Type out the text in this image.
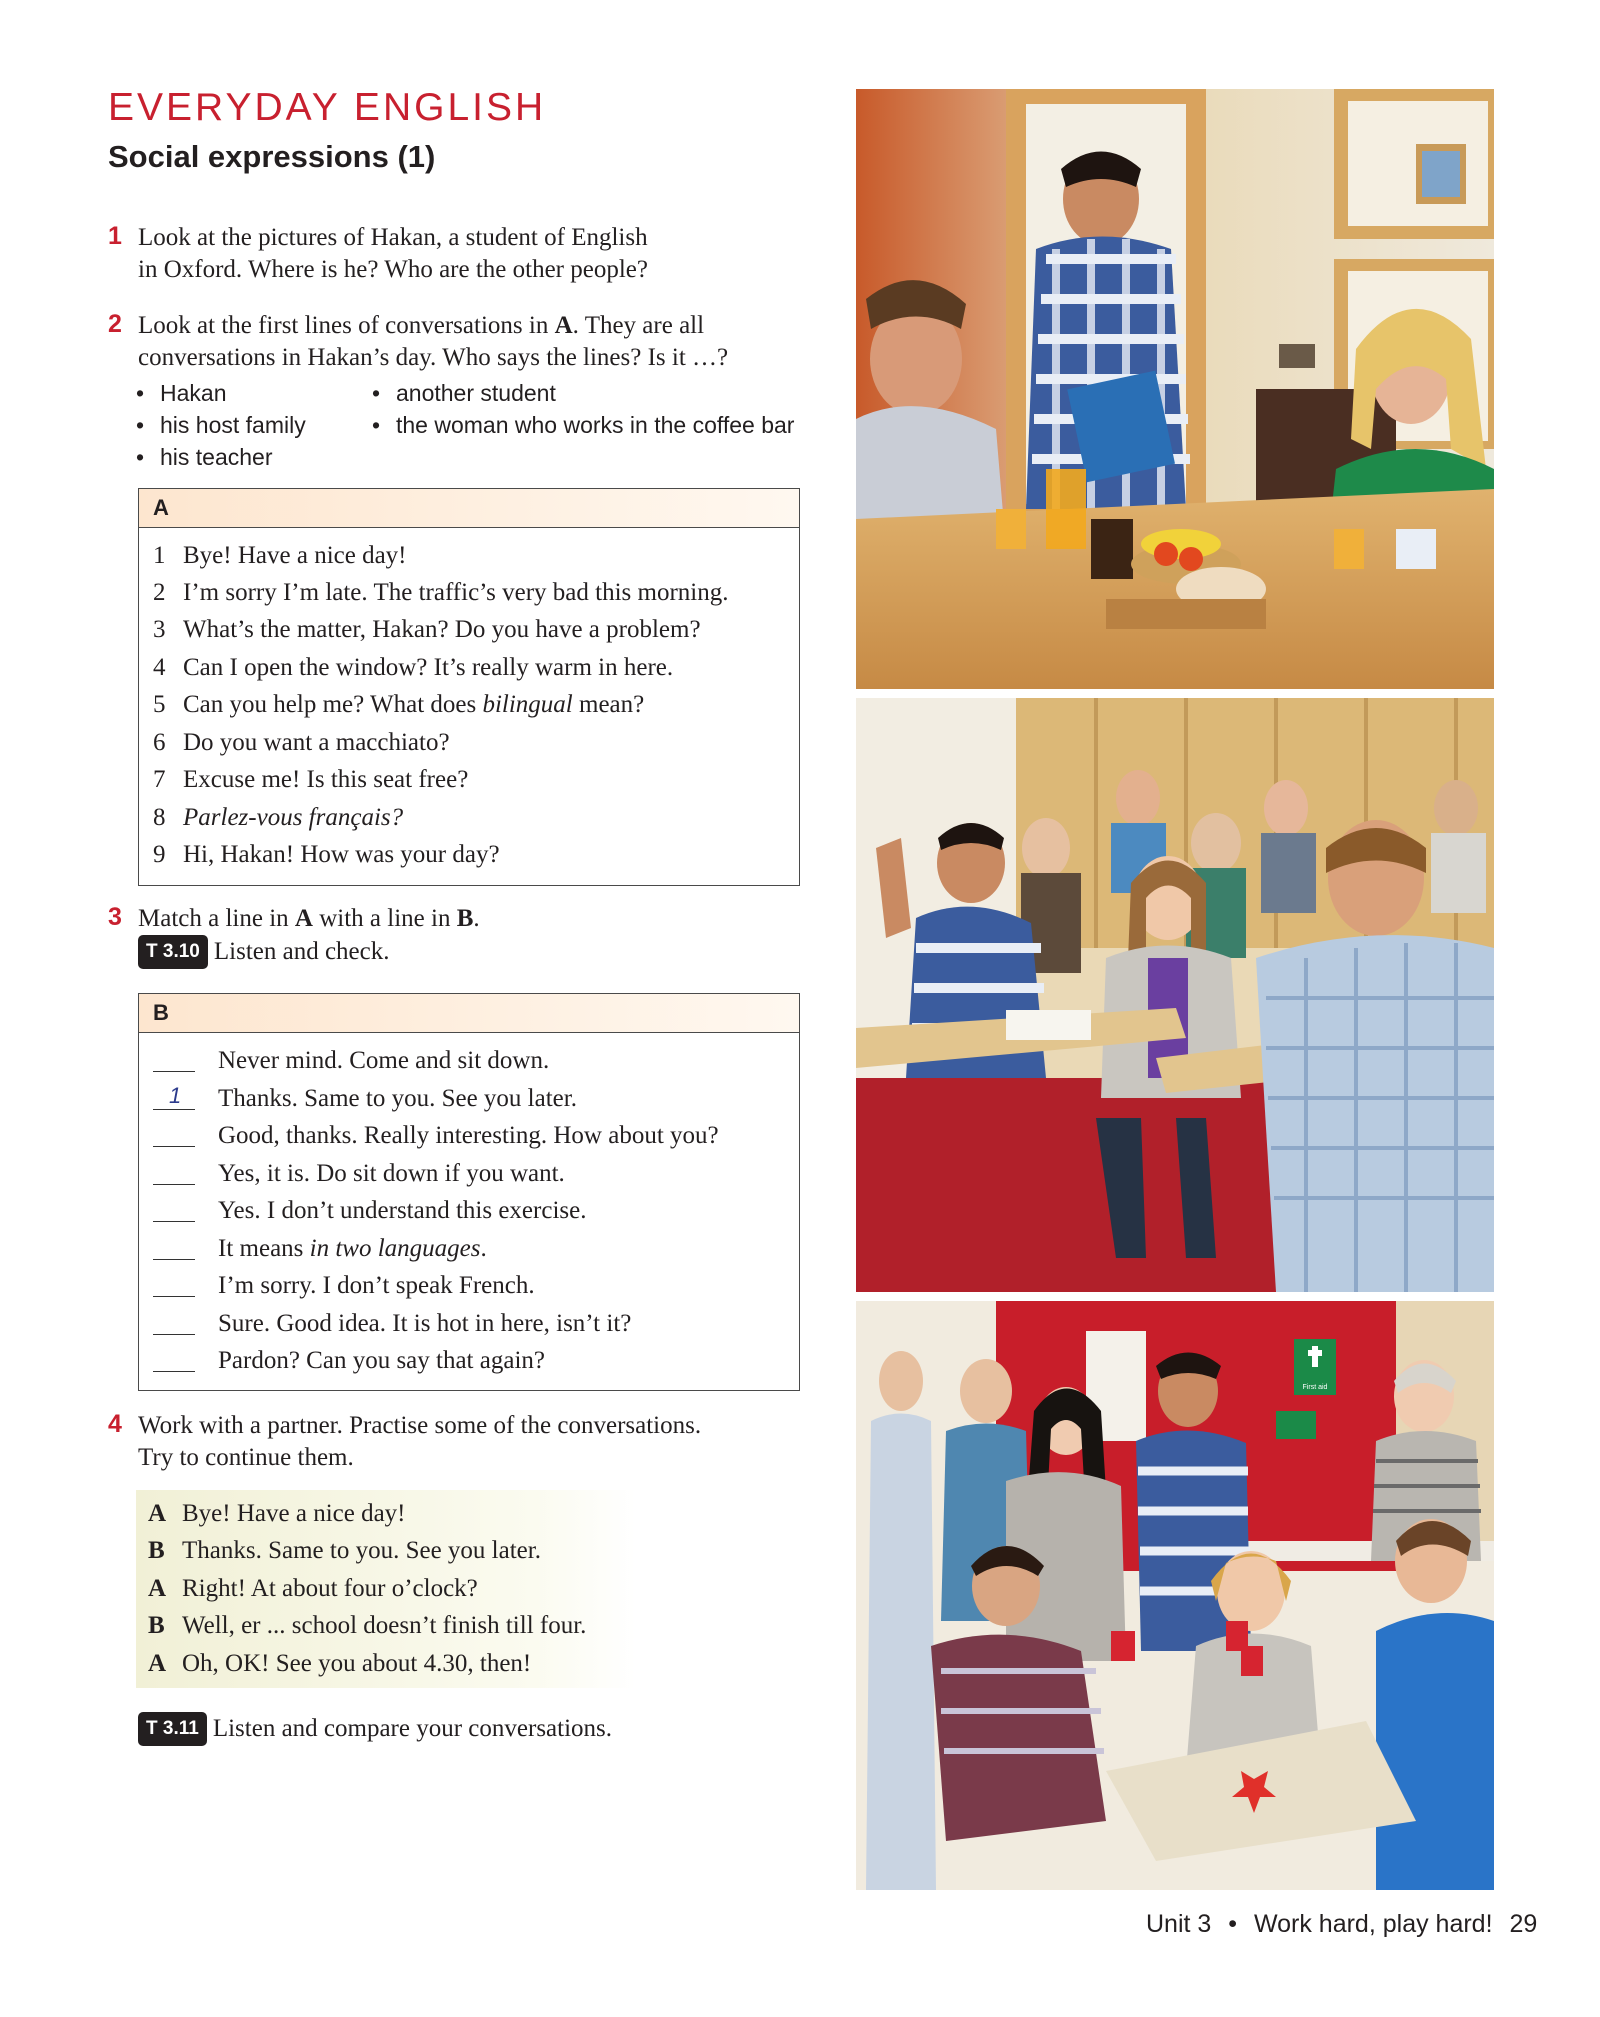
EVERYDAY ENGLISH
Social expressions (1)
1 Look at the pictures of Hakan, a student of English
in Oxford. Where is he? Who are the other people?
2 Look at the first lines of conversations in A. They are all
conversations in Hakan’s day. Who says the lines? Is it …?
• Hakan
• his host family
• his teacher
• another student
• the woman who works in the coffee bar
A
1 Bye! Have a nice day!
2 I’m sorry I’m late. The traffic’s very bad this morning.
3 What’s the matter, Hakan? Do you have a problem?
4 Can I open the window? It’s really warm in here.
5 Can you help me? What does bilingual mean?
6 Do you want a macchiato?
7 Excuse me! Is this seat free?
8 Parlez-vous français?
9 Hi, Hakan! How was your day?
3 Match a line in A with a line in B.
T 3.10 Listen and check.
B
Never mind. Come and sit down.
1 Thanks. Same to you. See you later.
Good, thanks. Really interesting. How about you?
Yes, it is. Do sit down if you want.
Yes. I don’t understand this exercise.
It means in two languages.
I’m sorry. I don’t speak French.
Sure. Good idea. It is hot in here, isn’t it?
Pardon? Can you say that again?
4 Work with a partner. Practise some of the conversations.
Try to continue them.
A Bye! Have a nice day!
B Thanks. Same to you. See you later.
A Right! At about four o’clock?
B Well, er ... school doesn’t finish till four.
A Oh, OK! See you about 4.30, then!
T 3.11 Listen and compare your conversations.
First aid
Unit 3 • Work hard, play hard! 29
